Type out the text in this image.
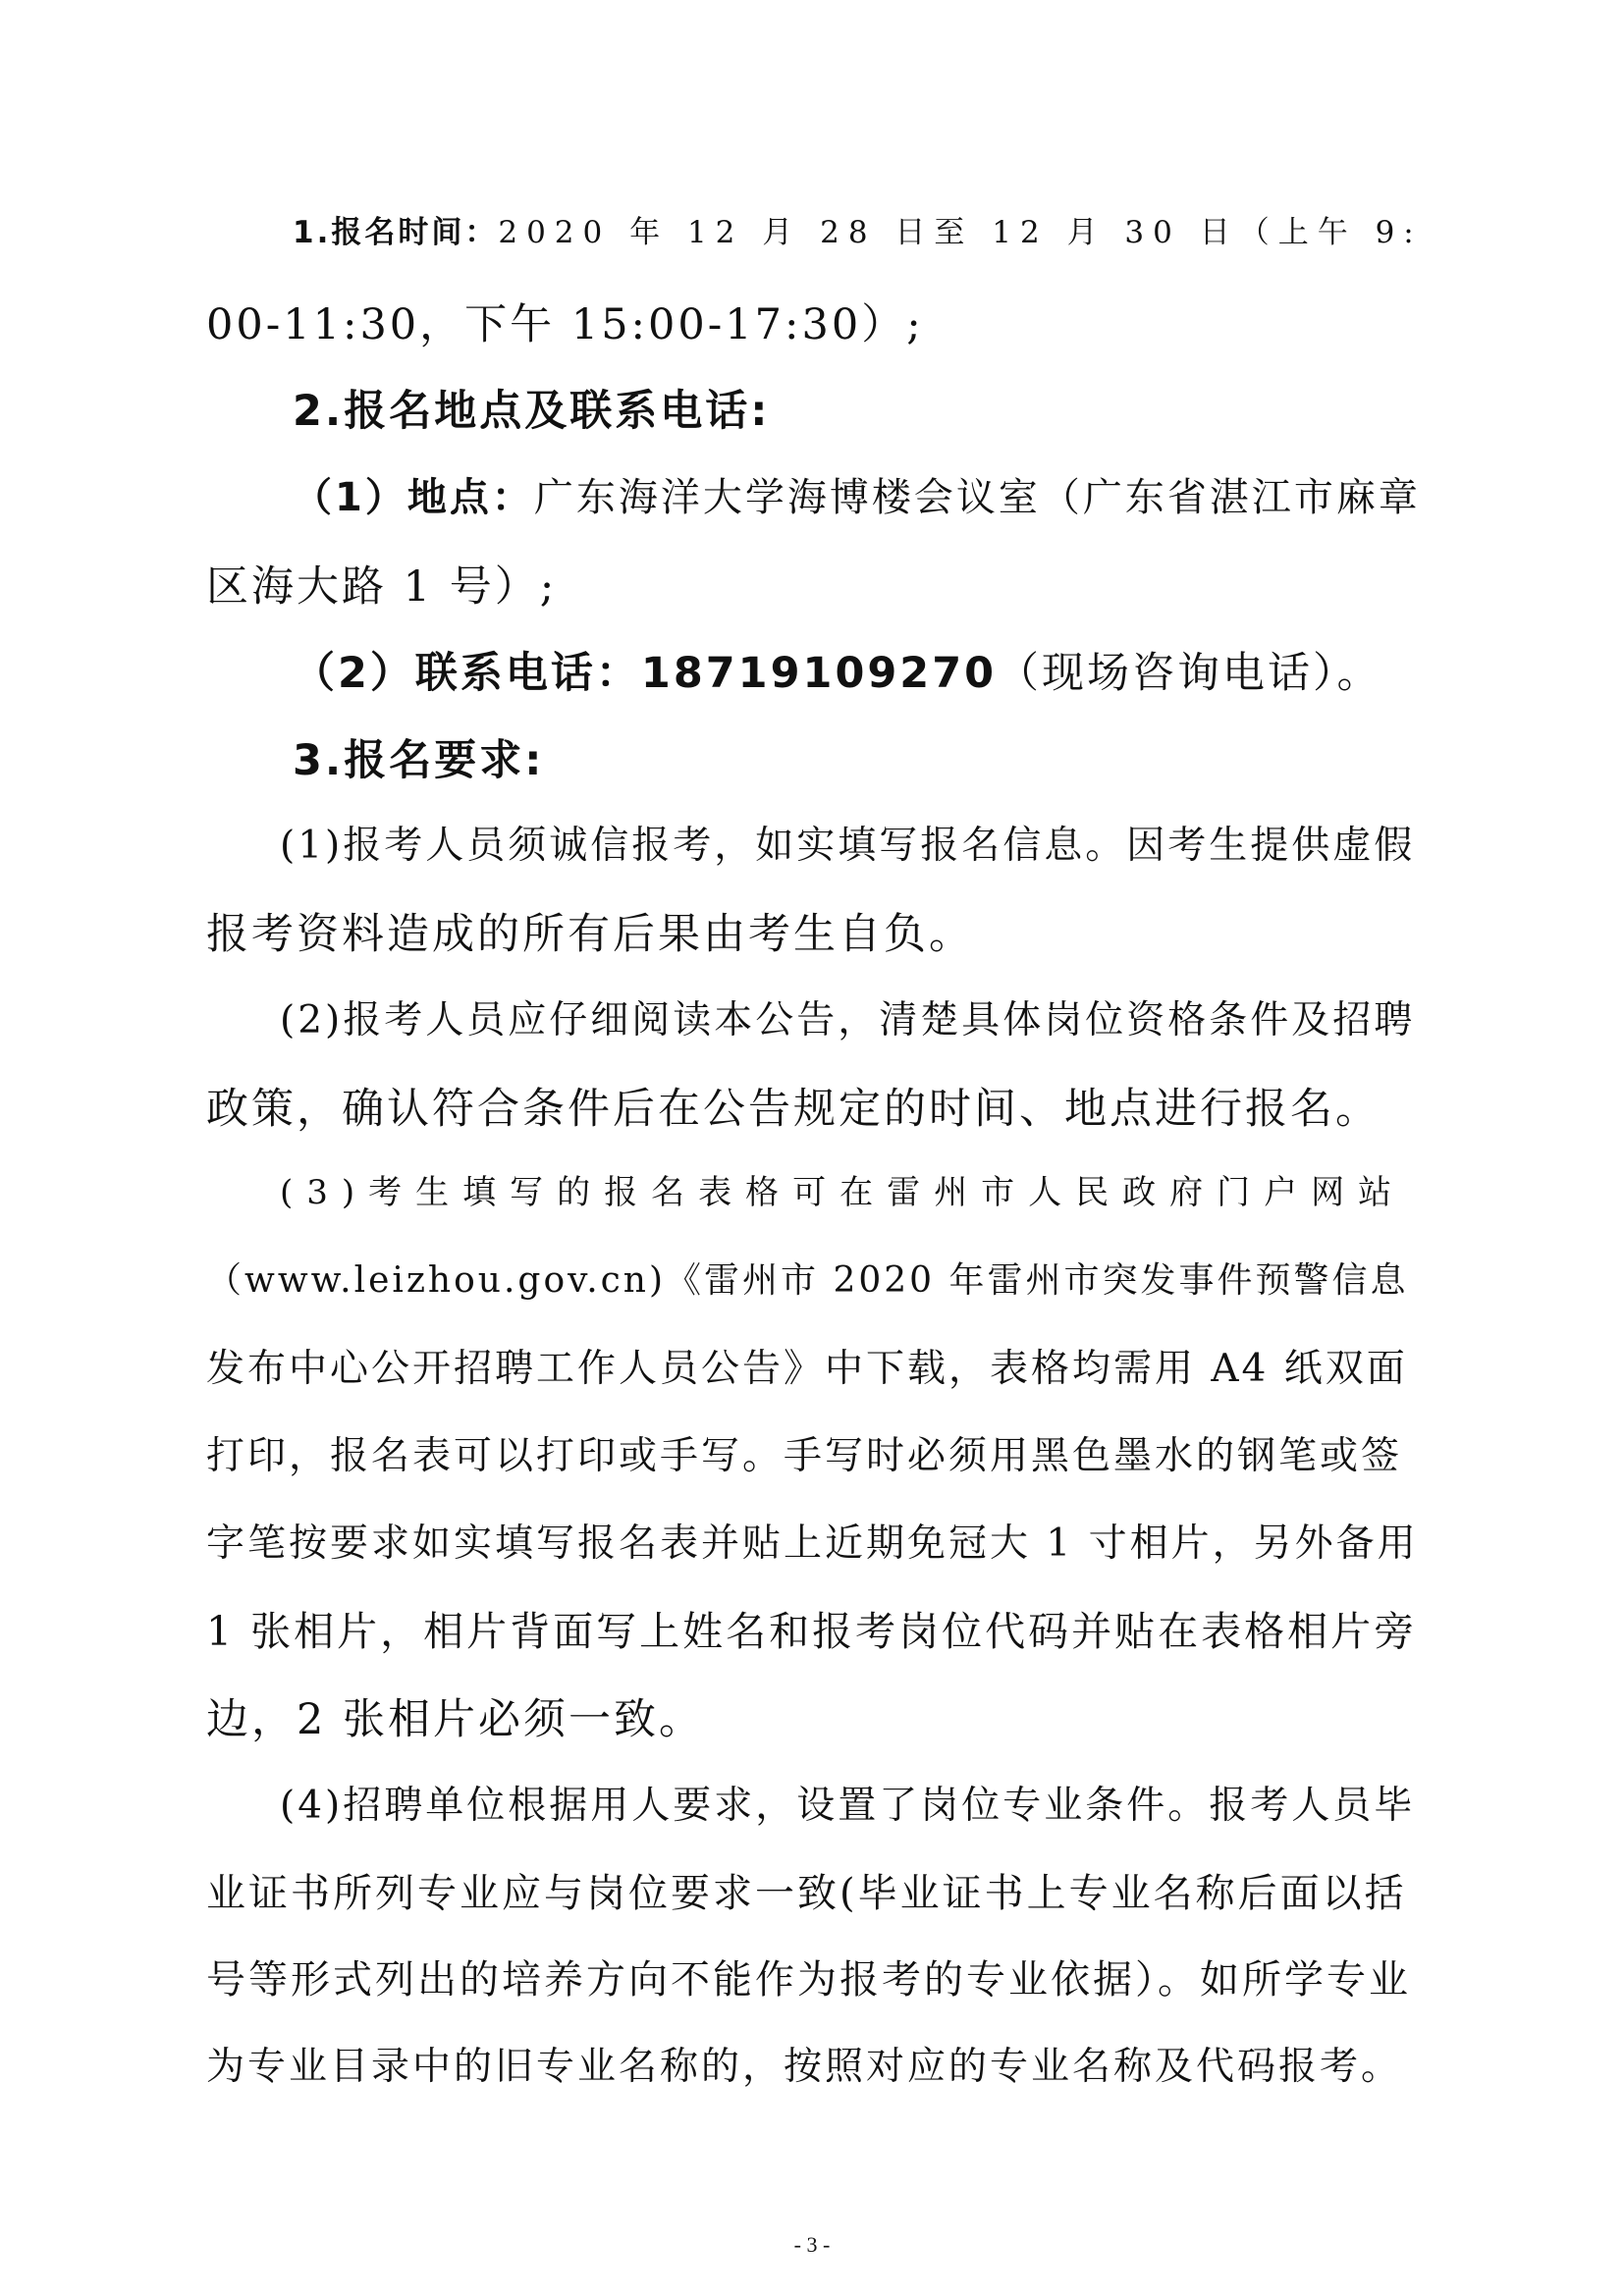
1.报名时间：2020 年 12 月 28 日至 12 月 30 日（上午 9:
00-11:30，下午 15:00-17:30）;
2.报名地点及联系电话:
（1）地点：广东海洋大学海博楼会议室（广东省湛江市麻章
区海大路 1 号）;
（2）联系电话：18719109270（现场咨询电话）。
3.报名要求:
(1)报考人员须诚信报考，如实填写报名信息。因考生提供虚假
报考资料造成的所有后果由考生自负。
(2)报考人员应仔细阅读本公告，清楚具体岗位资格条件及招聘
政策，确认符合条件后在公告规定的时间、地点进行报名。
(3)考生填写的报名表格可在雷州市人民政府门户网站
（www.leizhou.gov.cn)《雷州市 2020 年雷州市突发事件预警信息
发布中心公开招聘工作人员公告》中下载，表格均需用 A4 纸双面
打印，报名表可以打印或手写。手写时必须用黑色墨水的钢笔或签
字笔按要求如实填写报名表并贴上近期免冠大 1 寸相片，另外备用
1 张相片，相片背面写上姓名和报考岗位代码并贴在表格相片旁
边，2 张相片必须一致。
(4)招聘单位根据用人要求，设置了岗位专业条件。报考人员毕
业证书所列专业应与岗位要求一致(毕业证书上专业名称后面以括
号等形式列出的培养方向不能作为报考的专业依据）。如所学专业
为专业目录中的旧专业名称的，按照对应的专业名称及代码报考。
- 3 -
